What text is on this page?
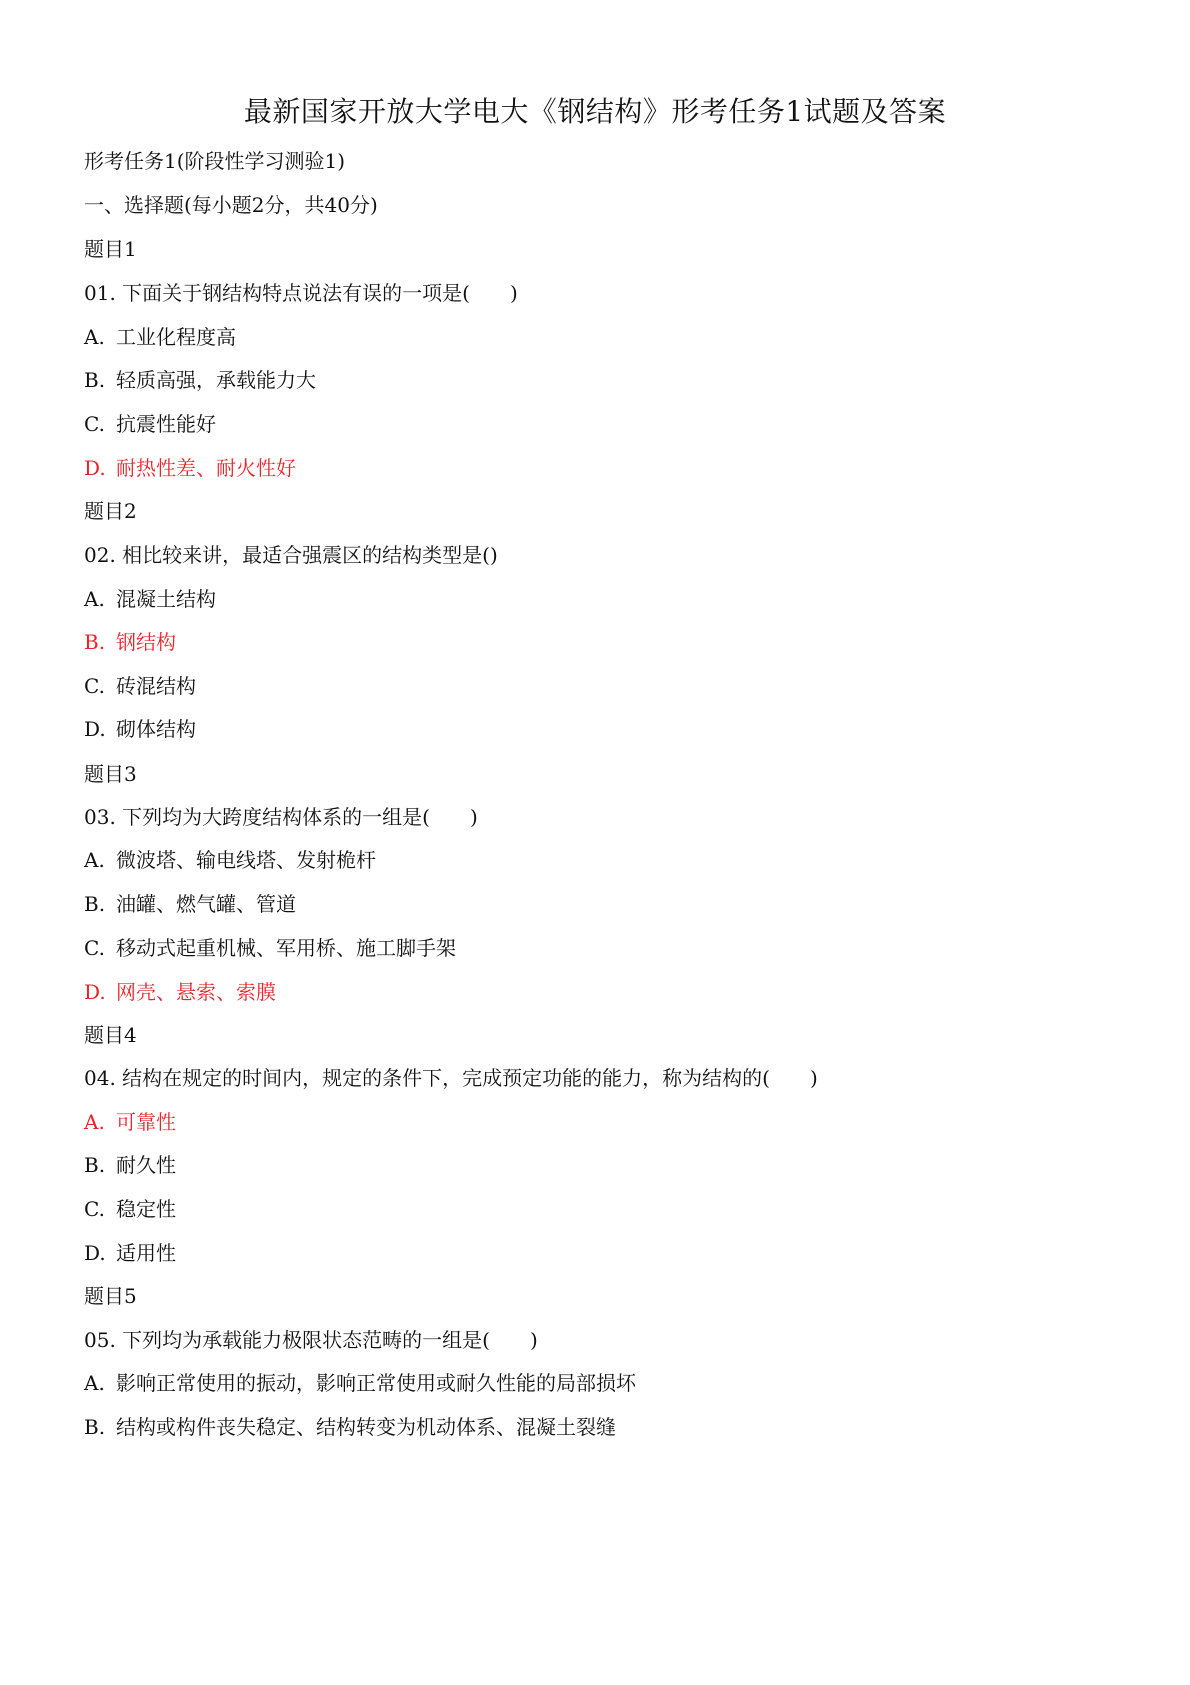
最新国家开放大学电大《钢结构》形考任务1试题及答案
形考任务1(阶段性学习测验1)
一、选择题(每小题2分，共40分)
题目1
01. 下面关于钢结构特点说法有误的一项是(　　)
A. 工业化程度高
B. 轻质高强，承载能力大
C. 抗震性能好
D. 耐热性差、耐火性好
题目2
02. 相比较来讲，最适合强震区的结构类型是()
A. 混凝土结构
B. 钢结构
C. 砖混结构
D. 砌体结构
题目3
03. 下列均为大跨度结构体系的一组是(　　)
A. 微波塔、输电线塔、发射桅杆
B. 油罐、燃气罐、管道
C. 移动式起重机械、军用桥、施工脚手架
D. 网壳、悬索、索膜
题目4
04. 结构在规定的时间内，规定的条件下，完成预定功能的能力，称为结构的(　　)
A. 可靠性
B. 耐久性
C. 稳定性
D. 适用性
题目5
05. 下列均为承载能力极限状态范畴的一组是(　　)
A. 影响正常使用的振动，影响正常使用或耐久性能的局部损坏
B. 结构或构件丧失稳定、结构转变为机动体系、混凝土裂缝
